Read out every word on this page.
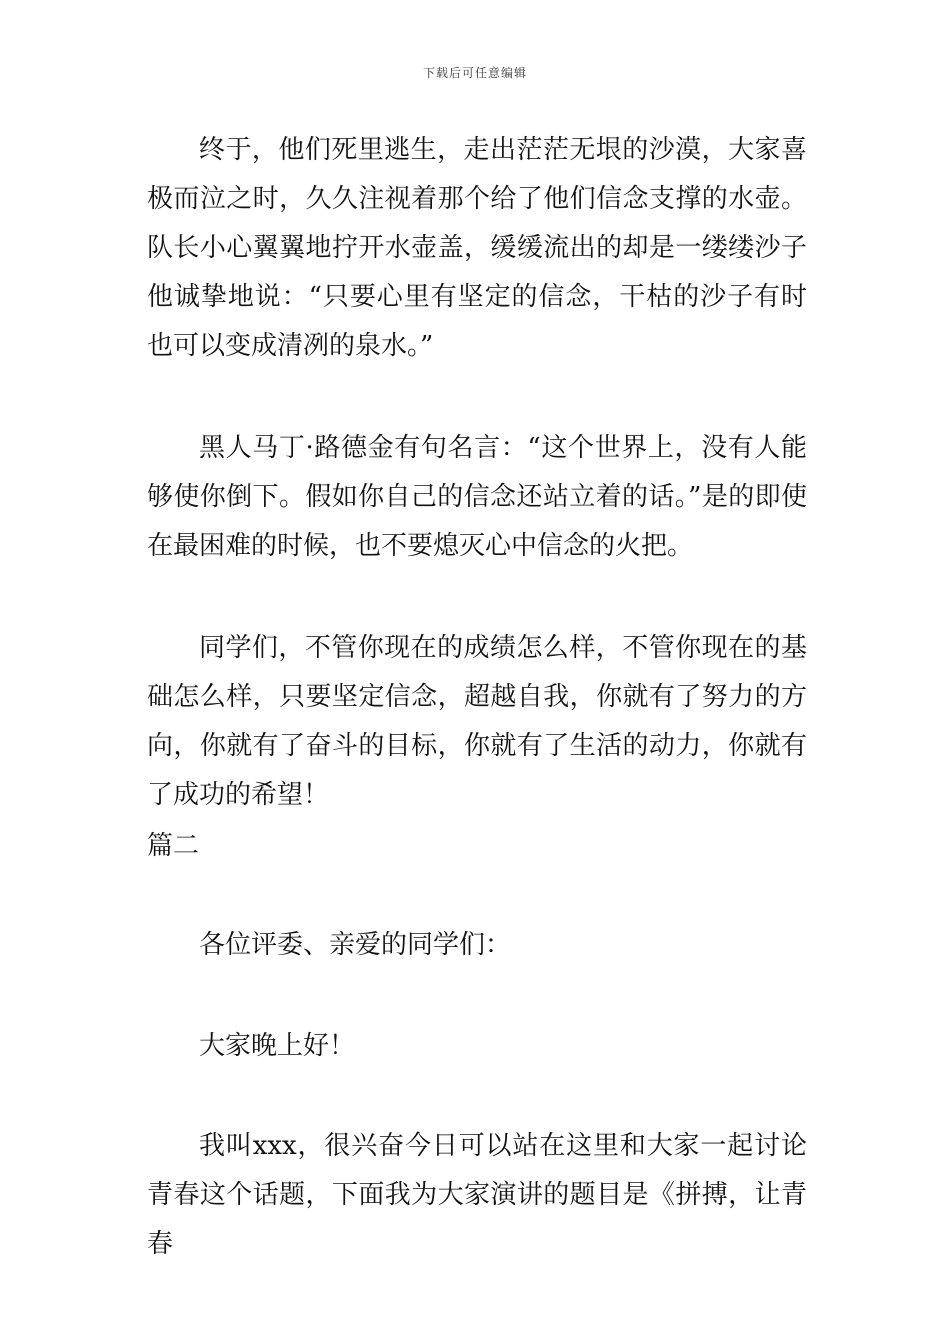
下载后可任意编辑

终于，他们死里逃生，走出茫茫无垠的沙漠，大家喜极而泣之时，久久注视着那个给了他们信念支撑的水壶。队长小心翼翼地拧开水壶盖，缓缓流出的却是一缕缕沙子他诚挚地说：“只要心里有坚定的信念，干枯的沙子有时也可以变成清冽的泉水。”

黑人马丁·路德金有句名言：“这个世界上，没有人能够使你倒下。假如你自己的信念还站立着的话。”是的即使在最困难的时候，也不要熄灭心中信念的火把。

同学们，不管你现在的成绩怎么样，不管你现在的基础怎么样，只要坚定信念，超越自我，你就有了努力的方向，你就有了奋斗的目标，你就有了生活的动力，你就有了成功的希望！

篇二

各位评委、亲爱的同学们：

大家晚上好！

我叫xxx，很兴奋今日可以站在这里和大家一起讨论青春这个话题，下面我为大家演讲的题目是《拼搏，让青春
